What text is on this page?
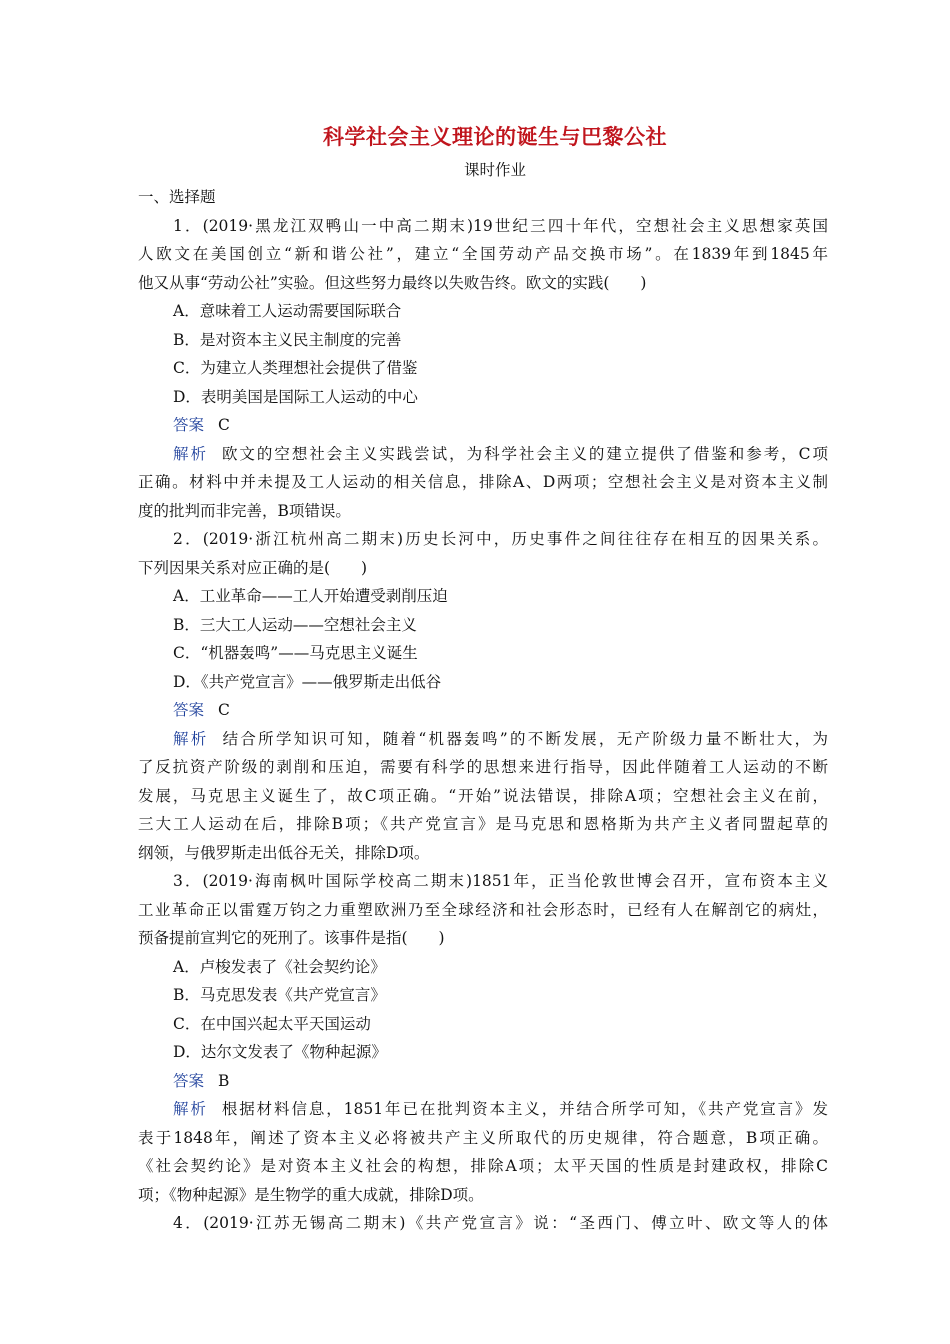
科学社会主义理论的诞生与巴黎公社
课时作业
一、选择题
1．(2019·黑龙江双鸭山一中高二期末)19世纪三四十年代，空想社会主义思想家英国
人欧文在美国创立“新和谐公社”，建立“全国劳动产品交换市场”。在1839年到1845年
他又从事“劳动公社”实验。但这些努力最终以失败告终。欧文的实践(　　)
A．意味着工人运动需要国际联合
B．是对资本主义民主制度的完善
C．为建立人类理想社会提供了借鉴
D．表明美国是国际工人运动的中心
答案 C
解析 欧文的空想社会主义实践尝试，为科学社会主义的建立提供了借鉴和参考，C项
正确。材料中并未提及工人运动的相关信息，排除A、D两项；空想社会主义是对资本主义制
度的批判而非完善，B项错误。
2．(2019·浙江杭州高二期末)历史长河中，历史事件之间往往存在相互的因果关系。
下列因果关系对应正确的是(　　)
A．工业革命——工人开始遭受剥削压迫
B．三大工人运动——空想社会主义
C．“机器轰鸣”——马克思主义诞生
D．《共产党宣言》——俄罗斯走出低谷
答案 C
解析 结合所学知识可知，随着“机器轰鸣”的不断发展，无产阶级力量不断壮大，为
了反抗资产阶级的剥削和压迫，需要有科学的思想来进行指导，因此伴随着工人运动的不断
发展，马克思主义诞生了，故C项正确。“开始”说法错误，排除A项；空想社会主义在前，
三大工人运动在后，排除B项；《共产党宣言》是马克思和恩格斯为共产主义者同盟起草的
纲领，与俄罗斯走出低谷无关，排除D项。
3．(2019·海南枫叶国际学校高二期末)1851年，正当伦敦世博会召开，宣布资本主义
工业革命正以雷霆万钧之力重塑欧洲乃至全球经济和社会形态时，已经有人在解剖它的病灶，
预备提前宣判它的死刑了。该事件是指(　　)
A．卢梭发表了《社会契约论》
B．马克思发表《共产党宣言》
C．在中国兴起太平天国运动
D．达尔文发表了《物种起源》
答案 B
解析 根据材料信息，1851年已在批判资本主义，并结合所学可知，《共产党宣言》发
表于1848年，阐述了资本主义必将被共产主义所取代的历史规律，符合题意，B项正确。
《社会契约论》是对资本主义社会的构想，排除A项；太平天国的性质是封建政权，排除C
项；《物种起源》是生物学的重大成就，排除D项。
4．(2019·江苏无锡高二期末)《共产党宣言》说：“圣西门、傅立叶、欧文等人的体
